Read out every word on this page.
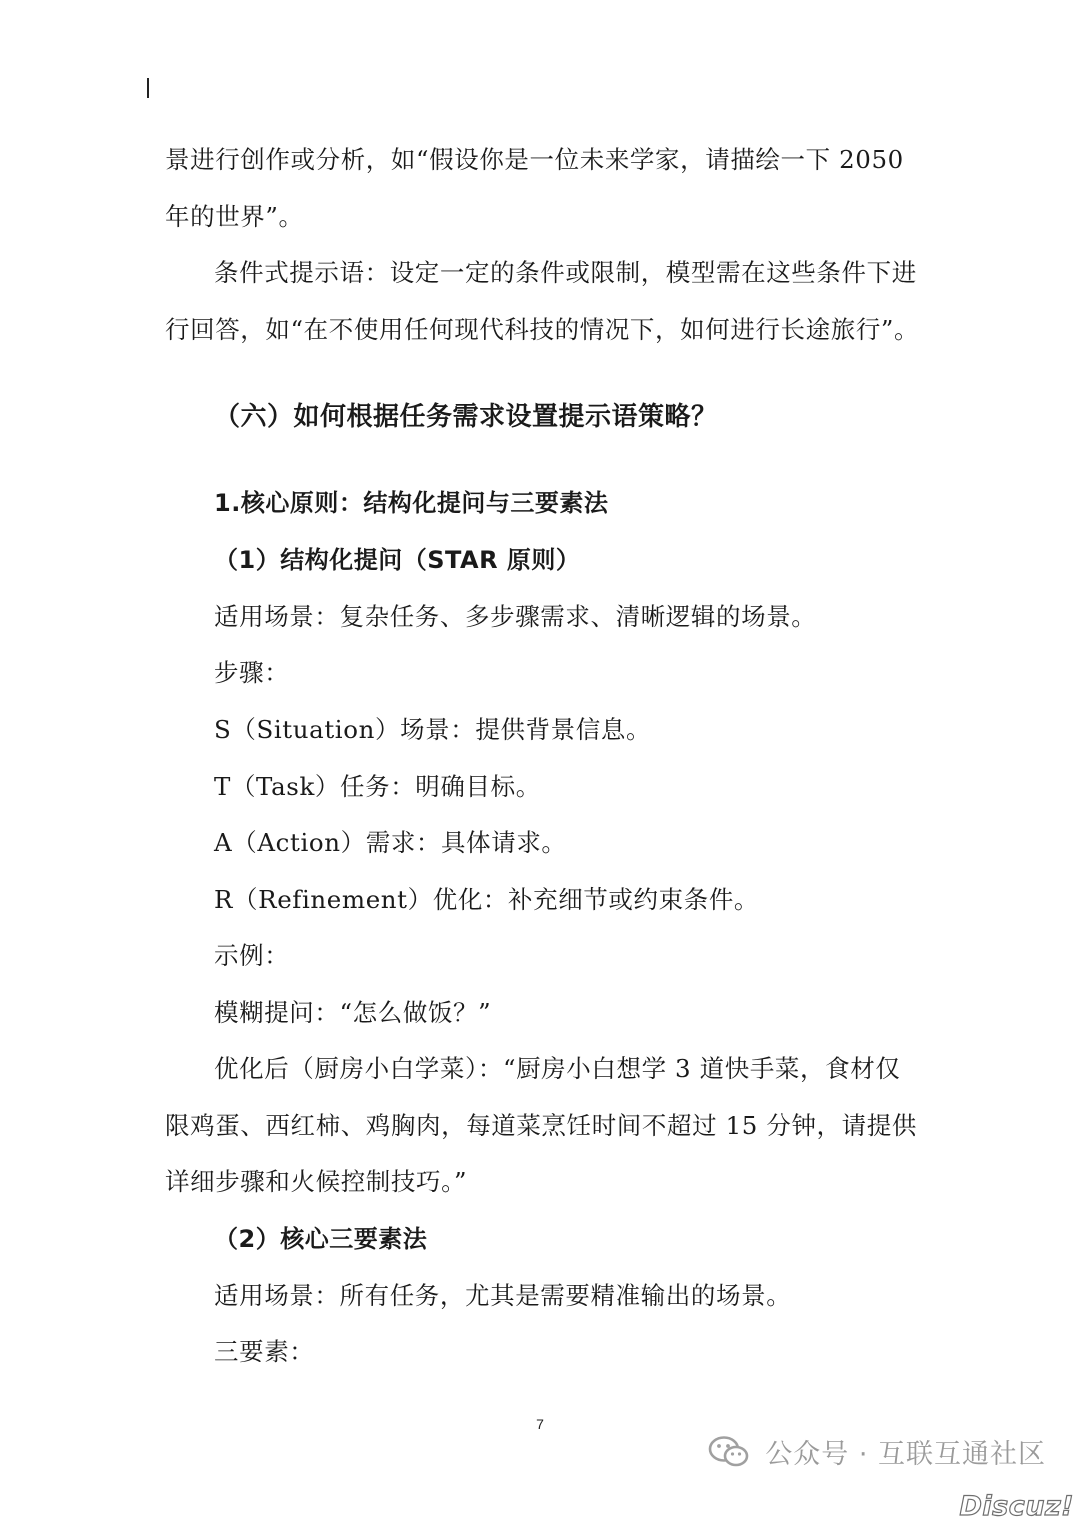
景进行创作或分析，如“假设你是一位未来学家，请描绘一下 2050
年的世界”。
条件式提示语：设定一定的条件或限制，模型需在这些条件下进
行回答，如“在不使用任何现代科技的情况下，如何进行长途旅行”。
（六）如何根据任务需求设置提示语策略？
1.核心原则：结构化提问与三要素法
（1）结构化提问（STAR 原则）
适用场景：复杂任务、多步骤需求、清晰逻辑的场景。
步骤：
S（Situation）场景：提供背景信息。
T（Task）任务：明确目标。
A（Action）需求：具体请求。
R（Refinement）优化：补充细节或约束条件。
示例：
模糊提问：“怎么做饭？”
优化后（厨房小白学菜）：“厨房小白想学 3 道快手菜，食材仅
限鸡蛋、西红柿、鸡胸肉，每道菜烹饪时间不超过 15 分钟，请提供
详细步骤和火候控制技巧。”
（2）核心三要素法
适用场景：所有任务，尤其是需要精准输出的场景。
三要素：
7
公众号 · 互联互通社区
Discuz!
